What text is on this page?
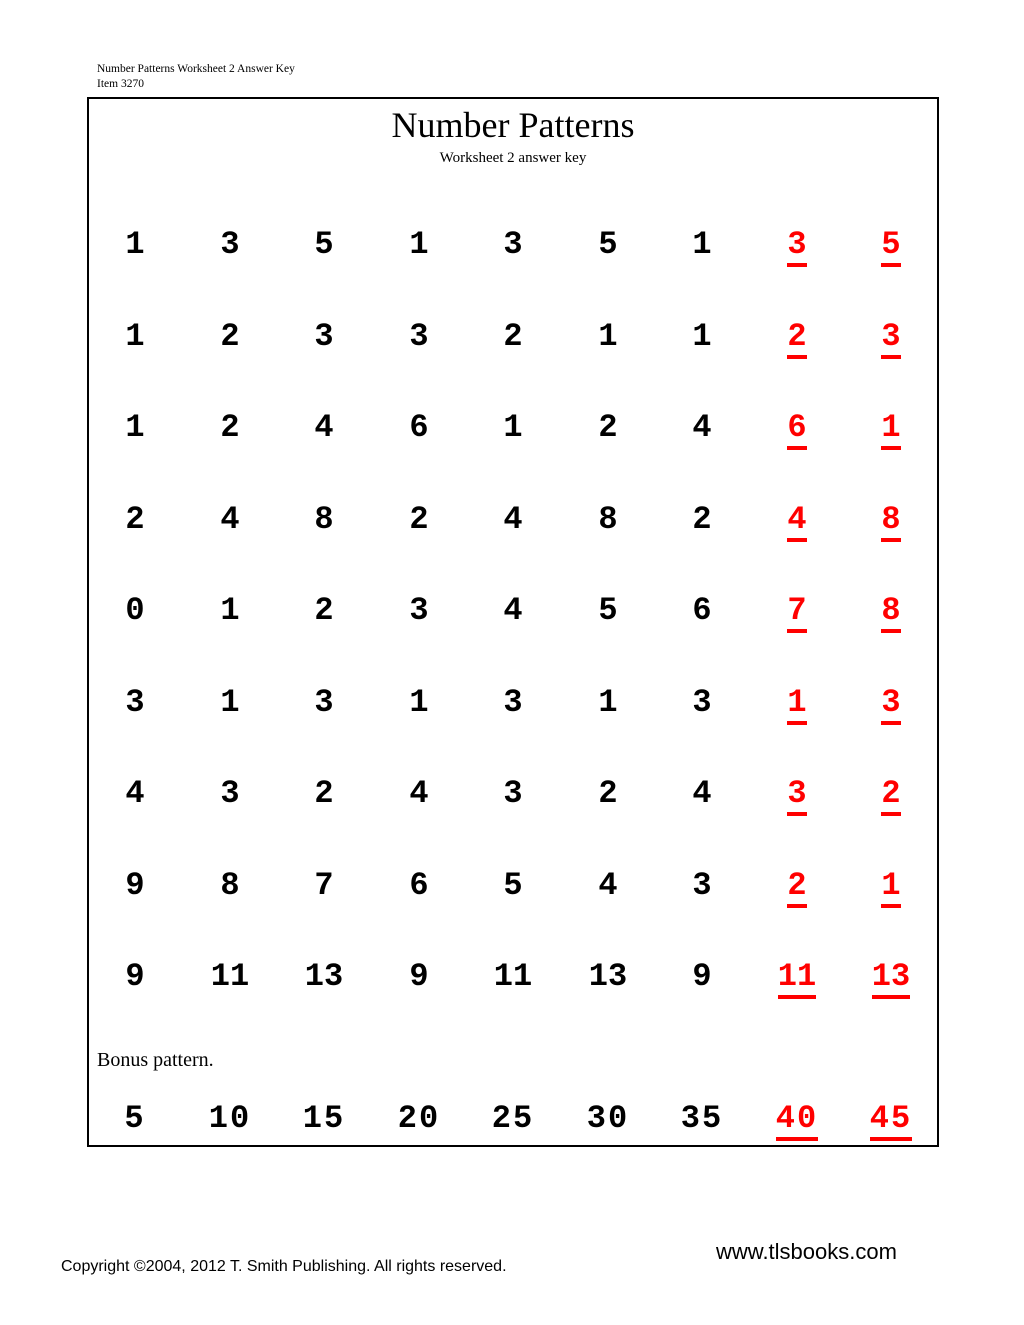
Number Patterns Worksheet 2 Answer Key
Item 3270
Number Patterns
Worksheet 2 answer key
1	3	5	1	3	5	1	3	5
1	2	3	3	2	1	1	2	3
1	2	4	6	1	2	4	6	1
2	4	8	2	4	8	2	4	8
0	1	2	3	4	5	6	7	8
3	1	3	1	3	1	3	1	3
4	3	2	4	3	2	4	3	2
9	8	7	6	5	4	3	2	1
9	11	13	9	11	13	9	11	13
Bonus pattern.
5	10	15	20	25	30	35	40	45
www.tlsbooks.com
Copyright ©2004, 2012 T. Smith Publishing. All rights reserved.
